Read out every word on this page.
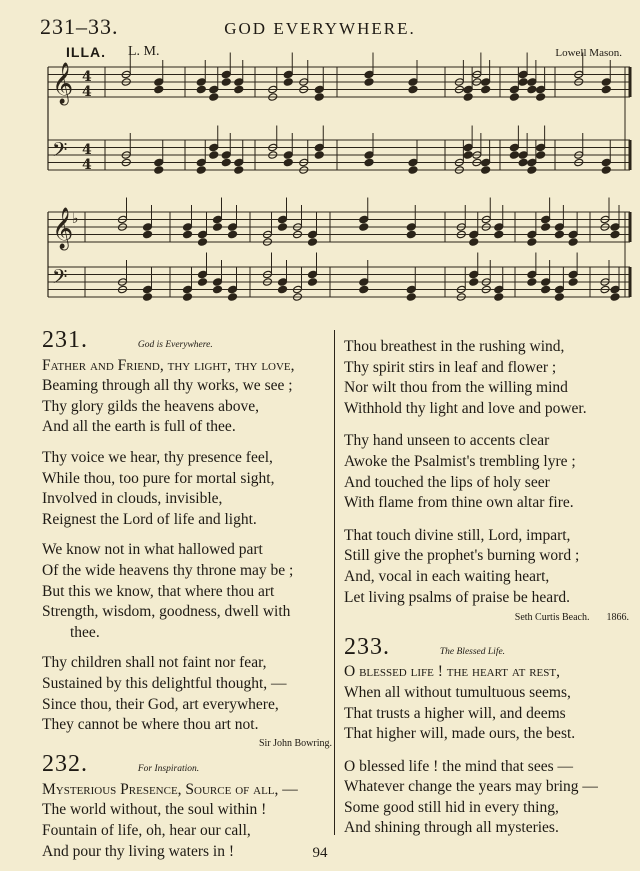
231–33.	GOD EVERYWHERE.
ILLA. L. M.	Lowell Mason.
𝄞 4
4
𝄢 4
4
𝄞
♭
𝄢
231.	God is Everywhere.

Father and Friend, thy light, thy love,

Beaming through all thy works, we see ;

Thy glory gilds the heavens above,

And all the earth is full of thee.

Thy voice we hear, thy presence feel,

While thou, too pure for mortal sight,

Involved in clouds, invisible,

Reignest the Lord of life and light.

We know not in what hallowed part

Of the wide heavens thy throne may be ;

But this we know, that where thou art

Strength, wisdom, goodness, dwell with

thee.

Thy children shall not faint nor fear,

Sustained by this delightful thought, —

Since thou, their God, art everywhere,

They cannot be where thou art not.

Sir John Bowring.
232.	For Inspiration.

Mysterious Presence, Source of all, —

The world without, the soul within !

Fountain of life, oh, hear our call,

And pour thy living waters in !

Thou breathest in the rushing wind,

Thy spirit stirs in leaf and flower ;

Nor wilt thou from the willing mind

Withhold thy light and love and power.

Thy hand unseen to accents clear

Awoke the Psalmist's trembling lyre ;

And touched the lips of holy seer

With flame from thine own altar fire.

That touch divine still, Lord, impart,

Still give the prophet's burning word ;

And, vocal in each waiting heart,

Let living psalms of praise be heard.

Seth Curtis Beach. 1866.
233.	The Blessed Life.

O blessed life ! the heart at rest,

When all without tumultuous seems,

That trusts a higher will, and deems

That higher will, made ours, the best.

O blessed life ! the mind that sees —

Whatever change the years may bring —

Some good still hid in every thing,

And shining through all mysteries.

94
